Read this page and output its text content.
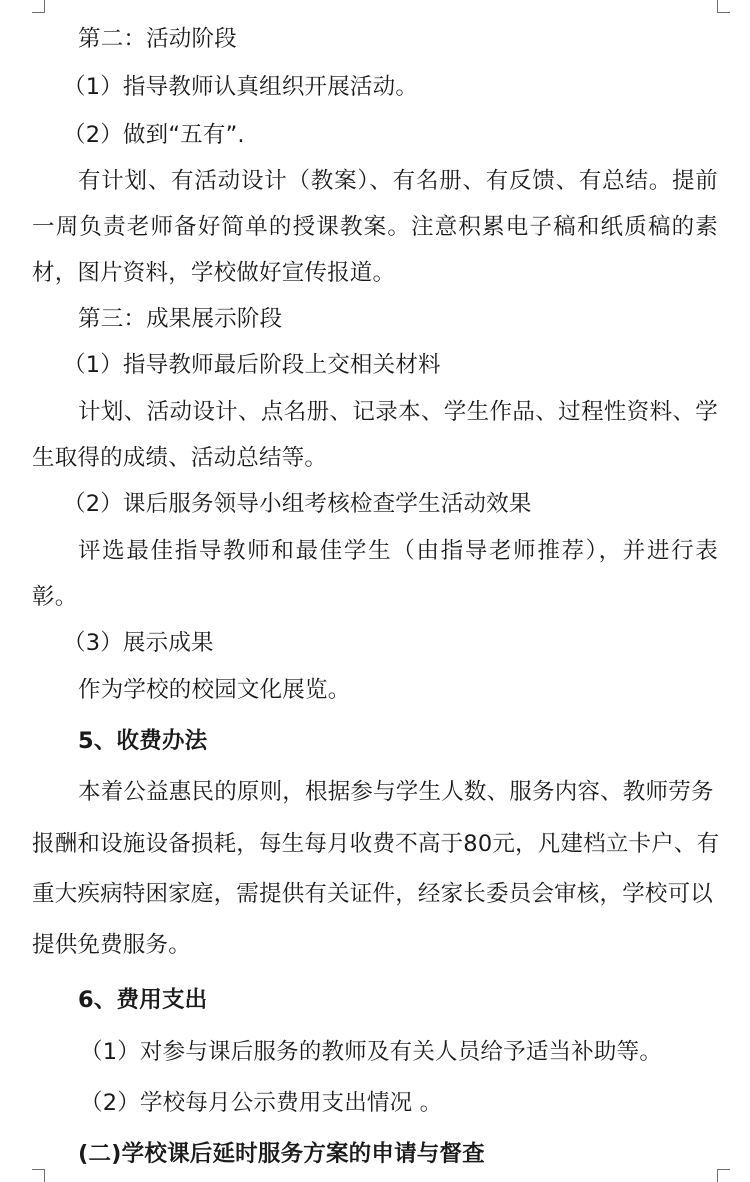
第二：活动阶段
（1）指导教师认真组织开展活动。
（2）做到“五有”.
有计划、有活动设计（教案）、有名册、有反馈、有总结。提前
一周负责老师备好简单的授课教案。注意积累电子稿和纸质稿的素
材，图片资料，学校做好宣传报道。
第三：成果展示阶段
（1）指导教师最后阶段上交相关材料
计划、活动设计、点名册、记录本、学生作品、过程性资料、学
生取得的成绩、活动总结等。
（2）课后服务领导小组考核检查学生活动效果
评选最佳指导教师和最佳学生（由指导老师推荐），并进行表
彰。
（3）展示成果
作为学校的校园文化展览。
5、收费办法
本着公益惠民的原则，根据参与学生人数、服务内容、教师劳务
报酬和设施设备损耗，每生每月收费不高于80元，凡建档立卡户、有
重大疾病特困家庭，需提供有关证件，经家长委员会审核，学校可以
提供免费服务。
6、费用支出
（1）对参与课后服务的教师及有关人员给予适当补助等。
（2）学校每月公示费用支出情况 。
(二)学校课后延时服务方案的申请与督查
